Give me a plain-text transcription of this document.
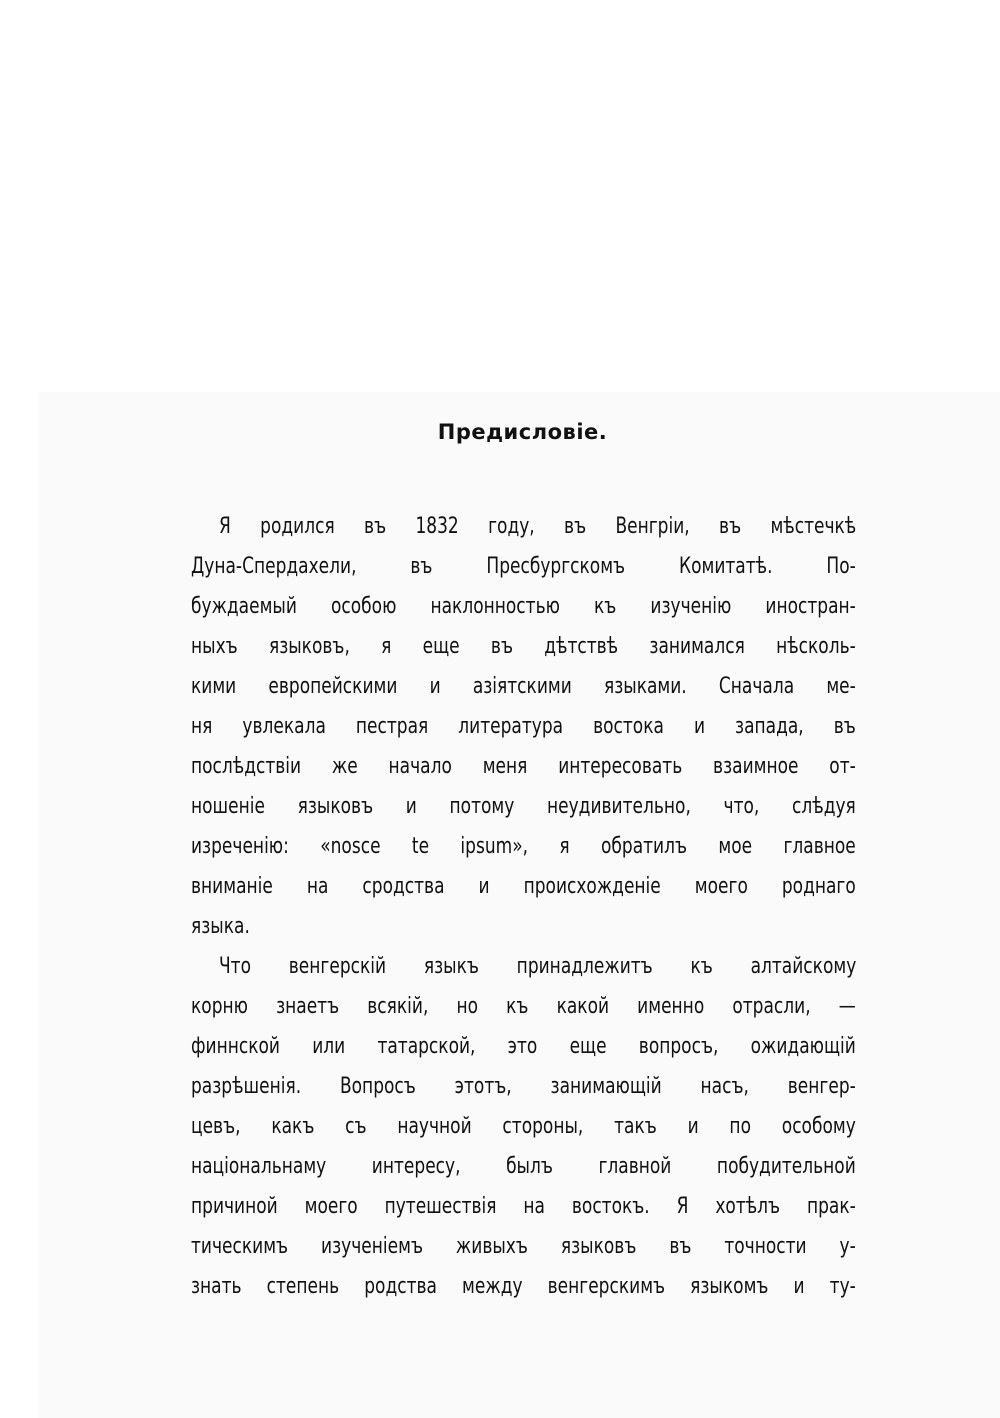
Предисловіе.

Я родился въ 1832 году, въ Венгріи, въ мѣстечкѣ

Дуна-Спердахели, въ Пресбургскомъ Комитатѣ. По-

буждаемый особою наклонностью къ изученію иностран-

ныхъ языковъ, я еще въ дѣтствѣ занимался нѣсколь-

кими европейскими и азіятскими языками. Сначала ме-

ня увлекала пестрая литература востока и запада, въ

послѣдствіи же начало меня интересовать взаимное от-

ношеніе языковъ и потому неудивительно, что, слѣдуя

изреченію: «nosce te ipsum», я обратилъ мое главное

вниманіе на сродства и происхожденіе моего роднаго

языка.

Что венгерскій языкъ принадлежитъ къ алтайскому

корню знаетъ всякій, но къ какой именно отрасли, —

финнской или татарской, это еще вопросъ, ожидающій

разрѣшенія. Вопросъ этотъ, занимающій насъ, венгер-

цевъ, какъ съ научной стороны, такъ и по особому

національнаму интересу, былъ главной побудительной

причиной моего путешествія на востокъ. Я хотѣлъ прак-

тическимъ изученіемъ живыхъ языковъ въ точности у-

знать степень родства между венгерскимъ языкомъ и ту-
